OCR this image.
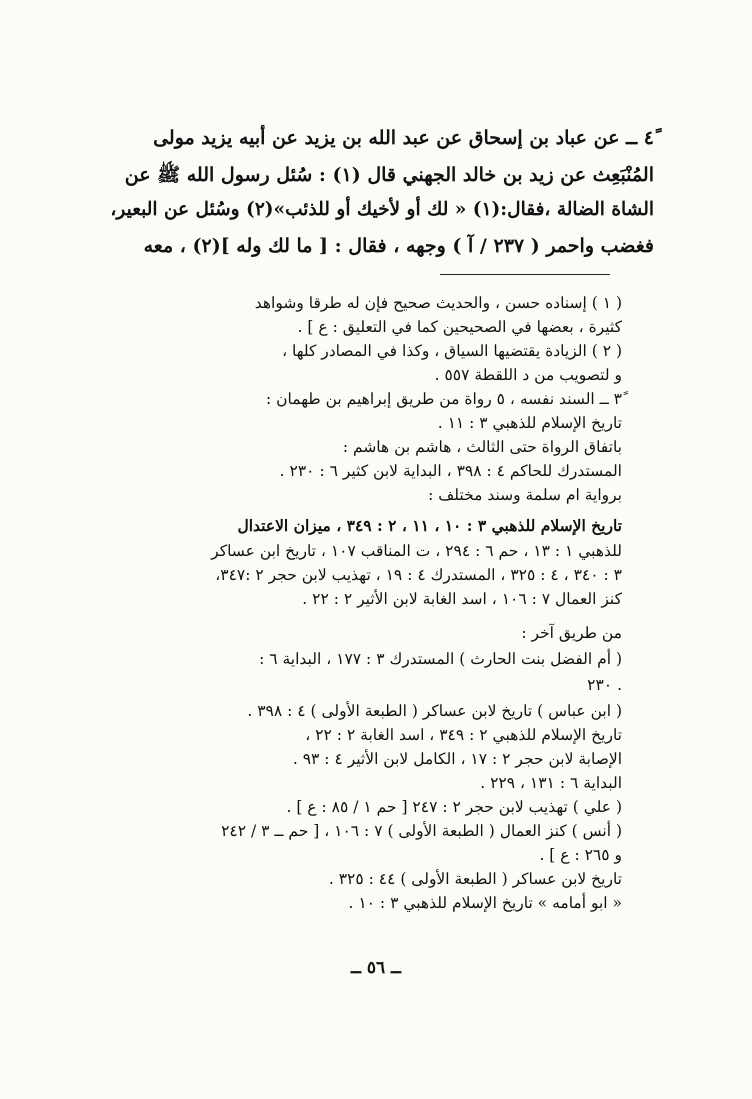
٤ً ــ عن عباد بن إسحاق عن عبد الله بن يزيد عن أبيه يزيد مولى

المُنْبَعِث عن زيد بن خالد الجهني قال (١) : سُئل رسول الله ﷺ عن

الشاة الضالة ،فقال:(١) « لك أو لأخيك أو للذئب»(٢) وسُئل عن البعير،

فغضب واحمر ( ٢٣٧ / آ ) وجهه ، فقال : [ ما لك وله ](٢) ، معه

( ١ ) إسناده حسن ، والحديث صحيح فإن له طرقا وشواهد

كثيرة ، بعضها في الصحيحين كما في التعليق : ع ] .

( ٢ ) الزيادة يقتضيها السياق ، وكذا في المصادر كلها ،

و لتصويب من د اللقطة ٥٥٧ .

٣ً ــ السند نفسه ، ٥ رواة من طريق إبراهيم بن طهمان :

تاريخ الإسلام للذهبي ٣ : ١١ .

باتفاق الرواة حتى الثالث ، هاشم بن هاشم :

المستدرك للحاكم ٤ : ٣٩٨ ، البداية لابن كثير ٦ : ٢٣٠ .

برواية ام سلمة وسند مختلف :

تاريخ الإسلام للذهبي ٣ : ١٠ ، ١١ ، ٢ : ٣٤٩ ، ميزان الاعتدال

للذهبي ١ : ١٣ ، حم ٦ : ٢٩٤ ، ت المناقب ١٠٧ ، تاريخ ابن عساكر

٣ : ٣٤٠ ، ٤ : ٣٢٥ ، المستدرك ٤ : ١٩ ، تهذيب لابن حجر ٢ :٣٤٧،

كنز العمال ٧ : ١٠٦ ، اسد الغابة لابن الأثير ٢ : ٢٢ .

من طريق آخر :

( أم الفضل بنت الحارث ) المستدرك ٣ : ١٧٧ ، البداية ٦ :

. ٢٣٠

( ابن عباس ) تاريخ لابن عساكر ( الطبعة الأولى ) ٤ : ٣٩٨ .

تاريخ الإسلام للذهبي ٢ : ٣٤٩ ، اسد الغابة ٢ : ٢٢ ،

الإصابة لابن حجر ٢ : ١٧ ، الكامل لابن الأثير ٤ : ٩٣ .

البداية ٦ : ١٣١ ، ٢٢٩ .

( علي ) تهذيب لابن حجر ٢ : ٢٤٧ [ حم ١ / ٨٥ : ع ] .

( أنس ) كنز العمال ( الطبعة الأولى ) ٧ : ١٠٦ ، [ حم ــ ٣ / ٢٤٢

و ٢٦٥ : ع ] .

تاريخ لابن عساكر ( الطبعة الأولى ) ٤٤ : ٣٢٥ .

« ابو أمامه » تاريخ الإسلام للذهبي ٣ : ١٠ .

ــ ٥٦ ــ
